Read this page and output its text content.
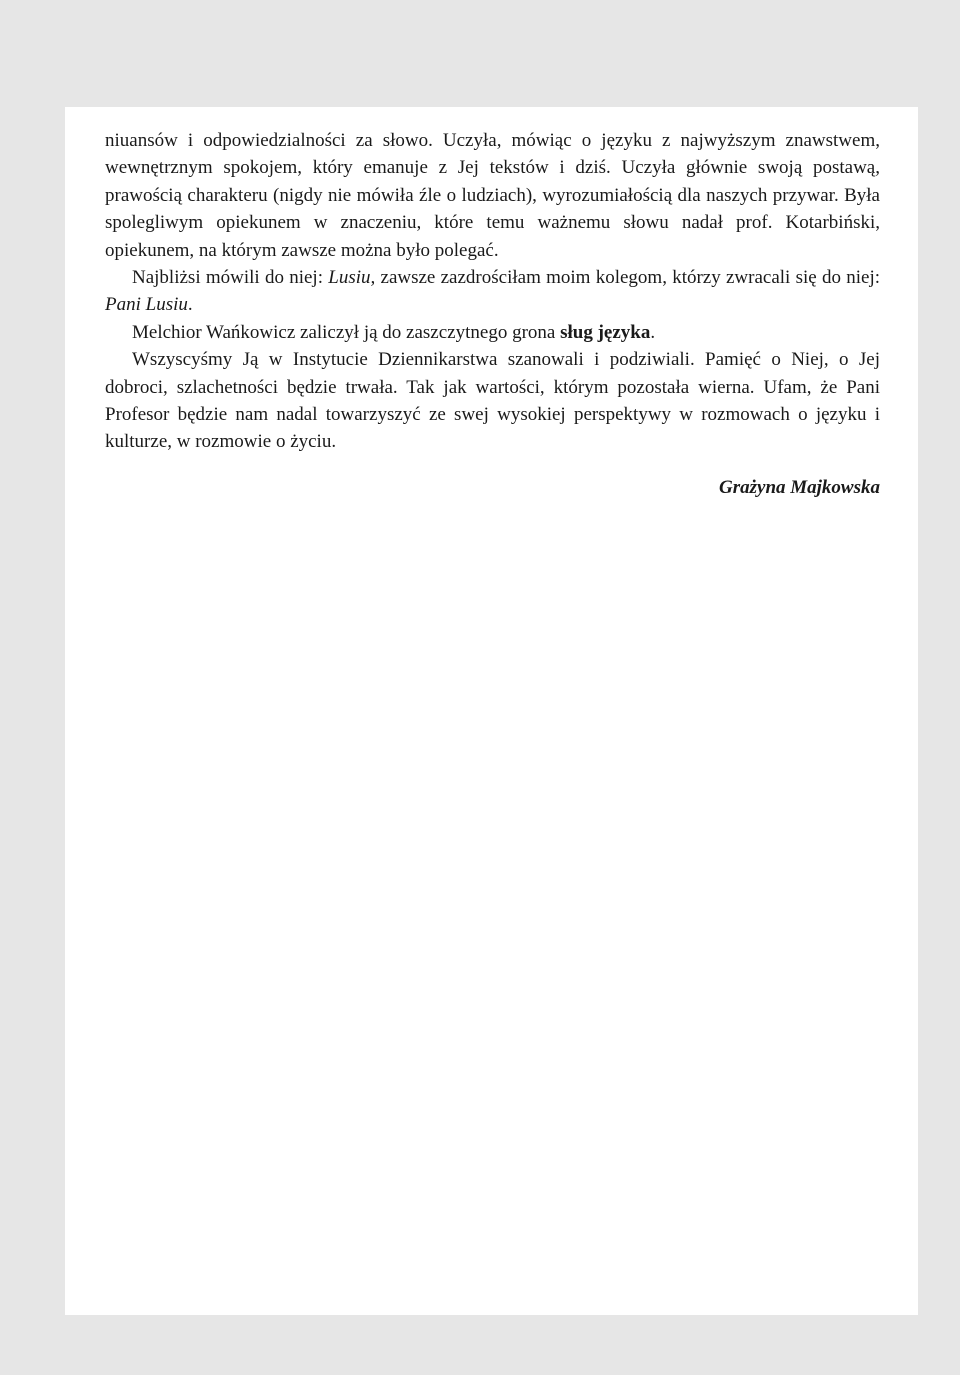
niuansów i odpowiedzialności za słowo. Uczyła, mówiąc o języku z najwyższym znawstwem, wewnętrznym spokojem, który emanuje z Jej tekstów i dziś. Uczyła głównie swoją postawą, prawością charakteru (nigdy nie mówiła źle o ludziach), wyrozumiałością dla naszych przywar. Była spolegliwym opiekunem w znaczeniu, które temu ważnemu słowu nadał prof. Kotarbiński, opiekunem, na którym zawsze można było polegać.

Najbliżsi mówili do niej: Lusiu, zawsze zazdrościłam moim kolegom, którzy zwracali się do niej: Pani Lusiu.

Melchior Wańkowicz zaliczył ją do zaszczytnego grona sług języka.

Wszyscyśmy Ją w Instytucie Dziennikarstwa szanowali i podziwiali. Pamięć o Niej, o Jej dobroci, szlachetności będzie trwała. Tak jak wartości, którym pozostała wierna. Ufam, że Pani Profesor będzie nam nadal towarzyszyć ze swej wysokiej perspektywy w rozmowach o języku i kulturze, w rozmowie o życiu.

Grażyna Majkowska
